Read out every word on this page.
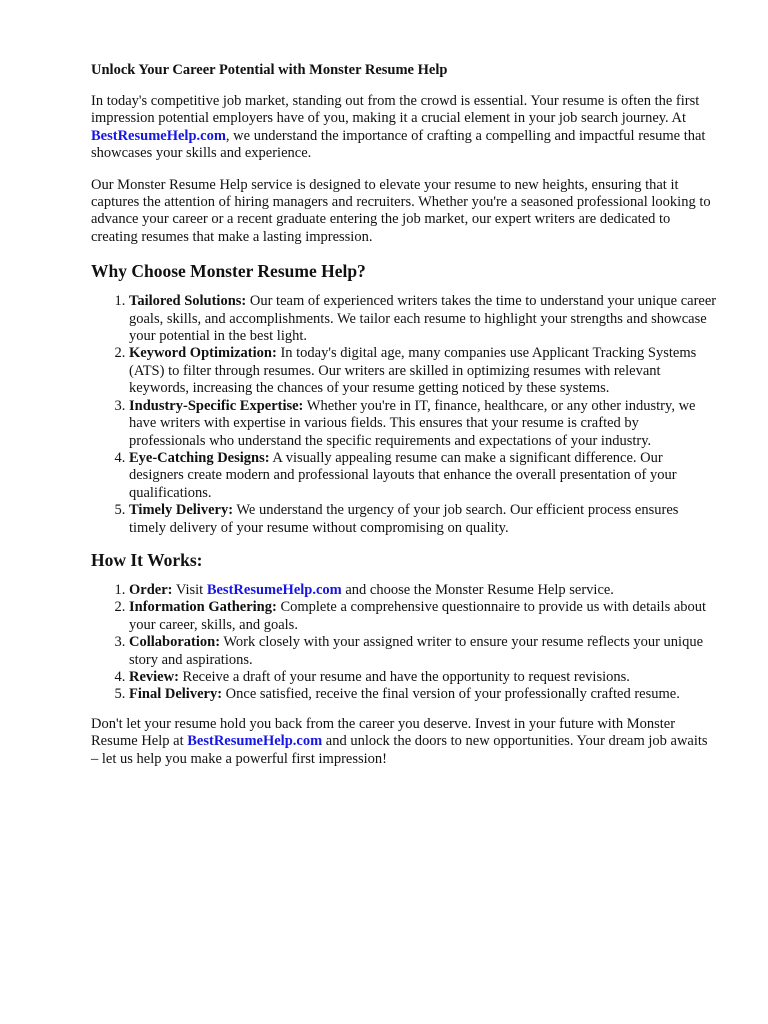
Unlock Your Career Potential with Monster Resume Help

In today's competitive job market, standing out from the crowd is essential. Your resume is often the first impression potential employers have of you, making it a crucial element in your job search journey. At BestResumeHelp.com, we understand the importance of crafting a compelling and impactful resume that showcases your skills and experience.

Our Monster Resume Help service is designed to elevate your resume to new heights, ensuring that it captures the attention of hiring managers and recruiters. Whether you're a seasoned professional looking to advance your career or a recent graduate entering the job market, our expert writers are dedicated to creating resumes that make a lasting impression.

Why Choose Monster Resume Help?
1. Tailored Solutions: Our team of experienced writers takes the time to understand your unique career goals, skills, and accomplishments. We tailor each resume to highlight your strengths and showcase your potential in the best light.
2. Keyword Optimization: In today's digital age, many companies use Applicant Tracking Systems (ATS) to filter through resumes. Our writers are skilled in optimizing resumes with relevant keywords, increasing the chances of your resume getting noticed by these systems.
3. Industry-Specific Expertise: Whether you're in IT, finance, healthcare, or any other industry, we have writers with expertise in various fields. This ensures that your resume is crafted by professionals who understand the specific requirements and expectations of your industry.
4. Eye-Catching Designs: A visually appealing resume can make a significant difference. Our designers create modern and professional layouts that enhance the overall presentation of your qualifications.
5. Timely Delivery: We understand the urgency of your job search. Our efficient process ensures timely delivery of your resume without compromising on quality.
How It Works:
1. Order: Visit BestResumeHelp.com and choose the Monster Resume Help service.
2. Information Gathering: Complete a comprehensive questionnaire to provide us with details about your career, skills, and goals.
3. Collaboration: Work closely with your assigned writer to ensure your resume reflects your unique story and aspirations.
4. Review: Receive a draft of your resume and have the opportunity to request revisions.
5. Final Delivery: Once satisfied, receive the final version of your professionally crafted resume.

Don't let your resume hold you back from the career you deserve. Invest in your future with Monster Resume Help at BestResumeHelp.com and unlock the doors to new opportunities. Your dream job awaits – let us help you make a powerful first impression!
